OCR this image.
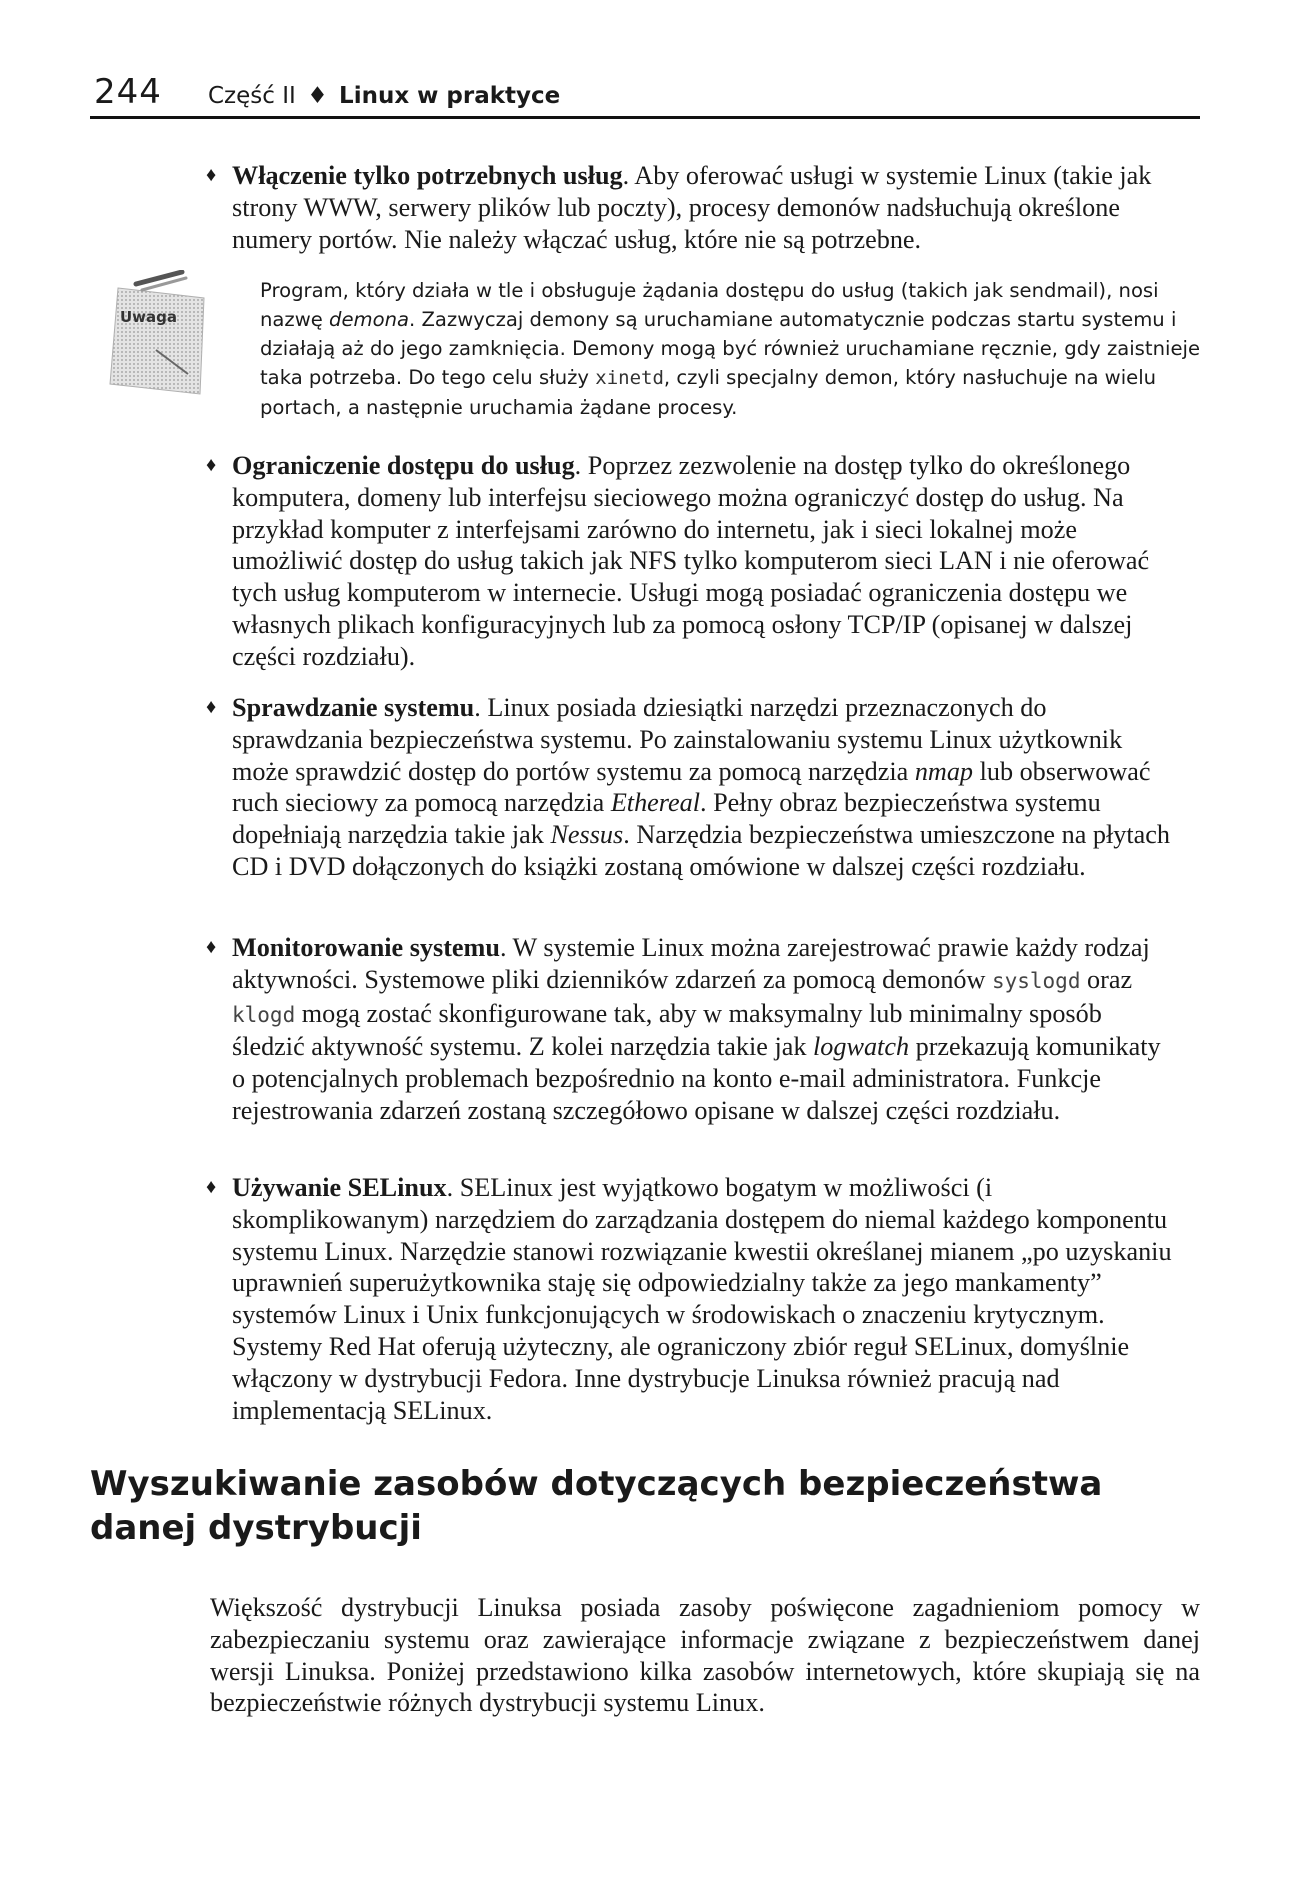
244 Część II ♦ Linux w praktyce
♦ Włączenie tylko potrzebnych usług. Aby oferować usługi w systemie Linux (takie jak strony WWW, serwery plików lub poczty), procesy demonów nadsłuchują określone numery portów. Nie należy włączać usług, które nie są potrzebne.
Uwaga
Program, który działa w tle i obsługuje żądania dostępu do usług (takich jak sendmail), nosi nazwę demona. Zazwyczaj demony są uruchamiane automatycznie podczas startu systemu i działają aż do jego zamknięcia. Demony mogą być również uruchamiane ręcznie, gdy zaistnieje taka potrzeba. Do tego celu służy xinetd, czyli specjalny demon, który nasłuchuje na wielu portach, a następnie uruchamia żądane procesy.
♦ Ograniczenie dostępu do usług. Poprzez zezwolenie na dostęp tylko do określonego komputera, domeny lub interfejsu sieciowego można ograniczyć dostęp do usług. Na przykład komputer z interfejsami zarówno do internetu, jak i sieci lokalnej może umożliwić dostęp do usług takich jak NFS tylko komputerom sieci LAN i nie oferować tych usług komputerom w internecie. Usługi mogą posiadać ograniczenia dostępu we własnych plikach konfiguracyjnych lub za pomocą osłony TCP/IP (opisanej w dalszej części rozdziału).
♦ Sprawdzanie systemu. Linux posiada dziesiątki narzędzi przeznaczonych do sprawdzania bezpieczeństwa systemu. Po zainstalowaniu systemu Linux użytkownik może sprawdzić dostęp do portów systemu za pomocą narzędzia nmap lub obserwować ruch sieciowy za pomocą narzędzia Ethereal. Pełny obraz bezpieczeństwa systemu dopełniają narzędzia takie jak Nessus. Narzędzia bezpieczeństwa umieszczone na płytach CD i DVD dołączonych do książki zostaną omówione w dalszej części rozdziału.
♦ Monitorowanie systemu. W systemie Linux można zarejestrować prawie każdy rodzaj aktywności. Systemowe pliki dzienników zdarzeń za pomocą demonów syslogd oraz klogd mogą zostać skonfigurowane tak, aby w maksymalny lub minimalny sposób śledzić aktywność systemu. Z kolei narzędzia takie jak logwatch przekazują komunikaty o potencjalnych problemach bezpośrednio na konto e-mail administratora. Funkcje rejestrowania zdarzeń zostaną szczegółowo opisane w dalszej części rozdziału.
♦ Używanie SELinux. SELinux jest wyjątkowo bogatym w możliwości (i skomplikowanym) narzędziem do zarządzania dostępem do niemal każdego komponentu systemu Linux. Narzędzie stanowi rozwiązanie kwestii określanej mianem „po uzyskaniu uprawnień superużytkownika staję się odpowiedzialny także za jego mankamenty” systemów Linux i Unix funkcjonujących w środowiskach o znaczeniu krytycznym. Systemy Red Hat oferują użyteczny, ale ograniczony zbiór reguł SELinux, domyślnie włączony w dystrybucji Fedora. Inne dystrybucje Linuksa również pracują nad implementacją SELinux.
Wyszukiwanie zasobów dotyczących bezpieczeństwa danej dystrybucji
Większość dystrybucji Linuksa posiada zasoby poświęcone zagadnieniom pomocy w zabezpieczaniu systemu oraz zawierające informacje związane z bezpieczeństwem danej wersji Linuksa. Poniżej przedstawiono kilka zasobów internetowych, które skupiają się na bezpieczeństwie różnych dystrybucji systemu Linux.
